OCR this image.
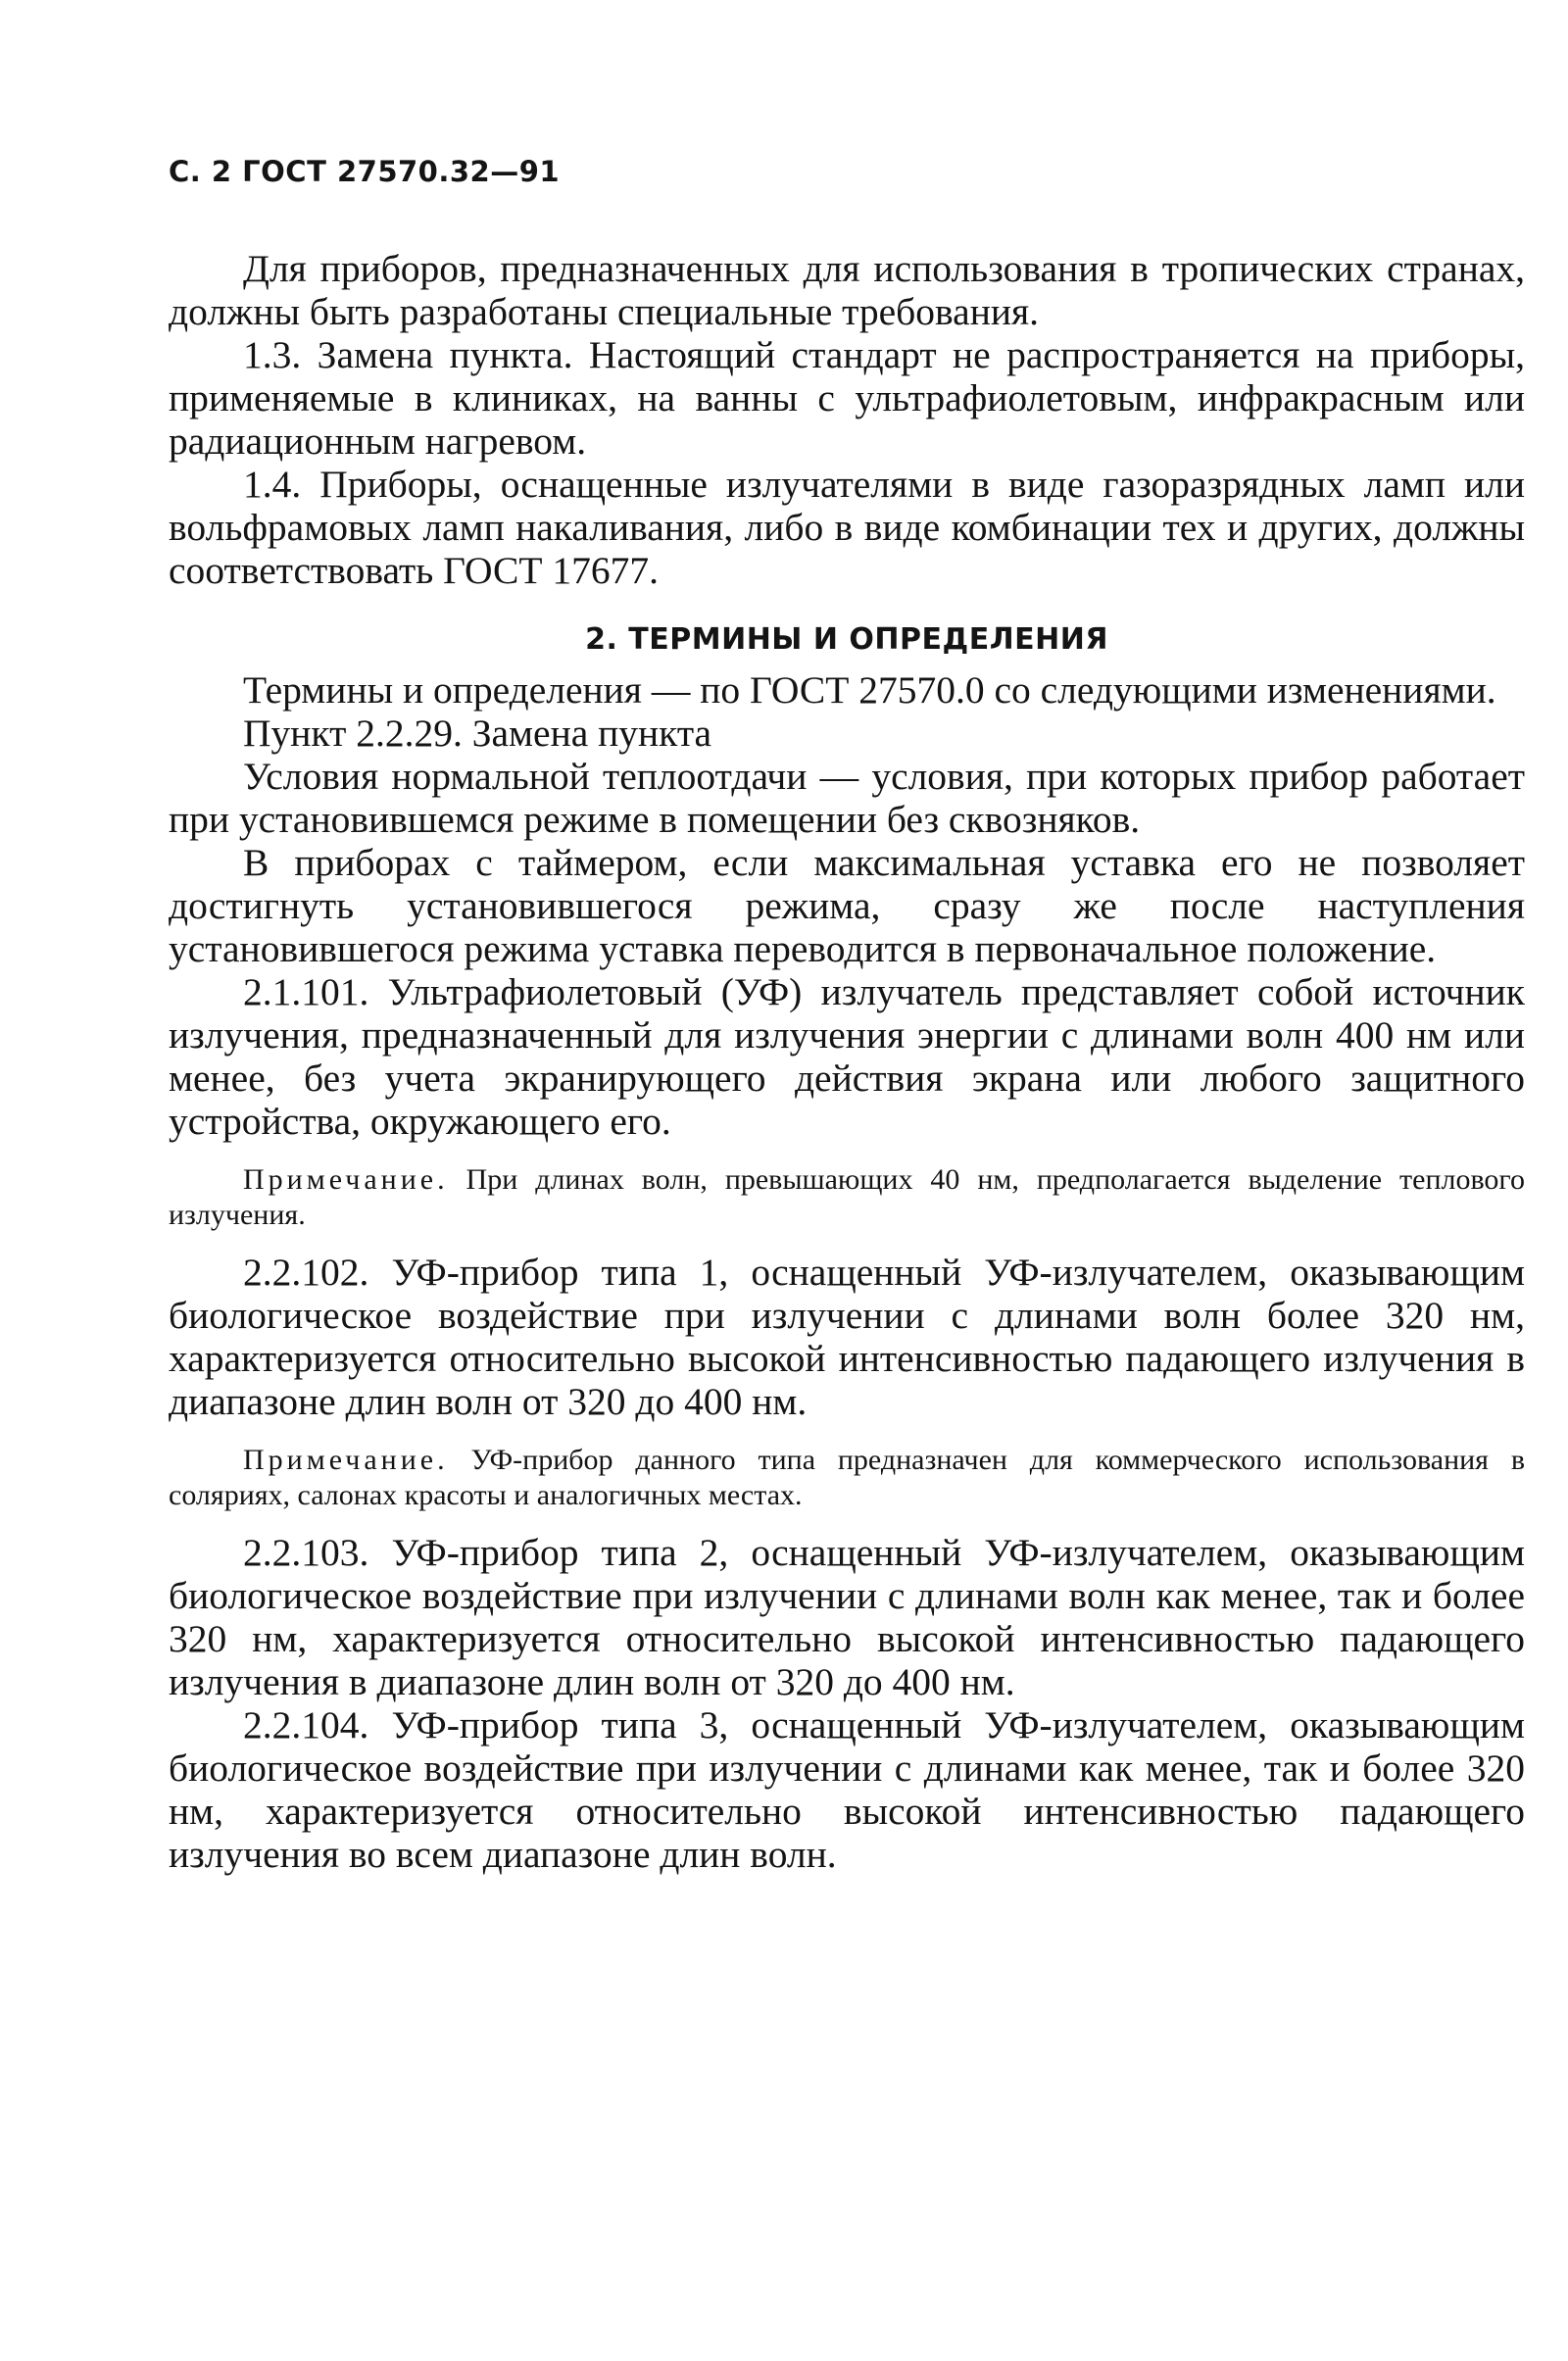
С. 2 ГОСТ 27570.32—91

Для приборов, предназначенных для использования в тропических странах, должны быть разработаны специальные требования.

1.3. Замена пункта. Настоящий стандарт не распространяется на приборы, применяемые в клиниках, на ванны с ультрафиолетовым, инфракрасным или радиационным нагревом.

1.4. Приборы, оснащенные излучателями в виде газоразрядных ламп или вольфрамовых ламп накаливания, либо в виде комбинации тех и других, должны соответствовать ГОСТ 17677.

2. ТЕРМИНЫ И ОПРЕДЕЛЕНИЯ

Термины и определения — по ГОСТ 27570.0 со следующими изменениями.

Пункт 2.2.29. Замена пункта

Условия нормальной теплоотдачи — условия, при которых прибор работает при установившемся режиме в помещении без сквозняков.

В приборах с таймером, если максимальная уставка его не позволяет достигнуть установившегося режима, сразу же после наступления установившегося режима уставка переводится в первоначальное положение.

2.1.101. Ультрафиолетовый (УФ) излучатель представляет собой источник излучения, предназначенный для излучения энергии с длинами волн 400 нм или менее, без учета экранирующего действия экрана или любого защитного устройства, окружающего его.

Примечание. При длинах волн, превышающих 40 нм, предполагается выделение теплового излучения.

2.2.102. УФ-прибор типа 1, оснащенный УФ-излучателем, оказывающим биологическое воздействие при излучении с длинами волн более 320 нм, характеризуется относительно высокой интенсивностью падающего излучения в диапазоне длин волн от 320 до 400 нм.

Примечание. УФ-прибор данного типа предназначен для коммерческого использования в соляриях, салонах красоты и аналогичных местах.

2.2.103. УФ-прибор типа 2, оснащенный УФ-излучателем, оказывающим биологическое воздействие при излучении с длинами волн как менее, так и более 320 нм, характеризуется относительно высокой интенсивностью падающего излучения в диапазоне длин волн от 320 до 400 нм.

2.2.104. УФ-прибор типа 3, оснащенный УФ-излучателем, оказывающим биологическое воздействие при излучении с длинами как менее, так и более 320 нм, характеризуется относительно высокой интенсивностью падающего излучения во всем диапазоне длин волн.
